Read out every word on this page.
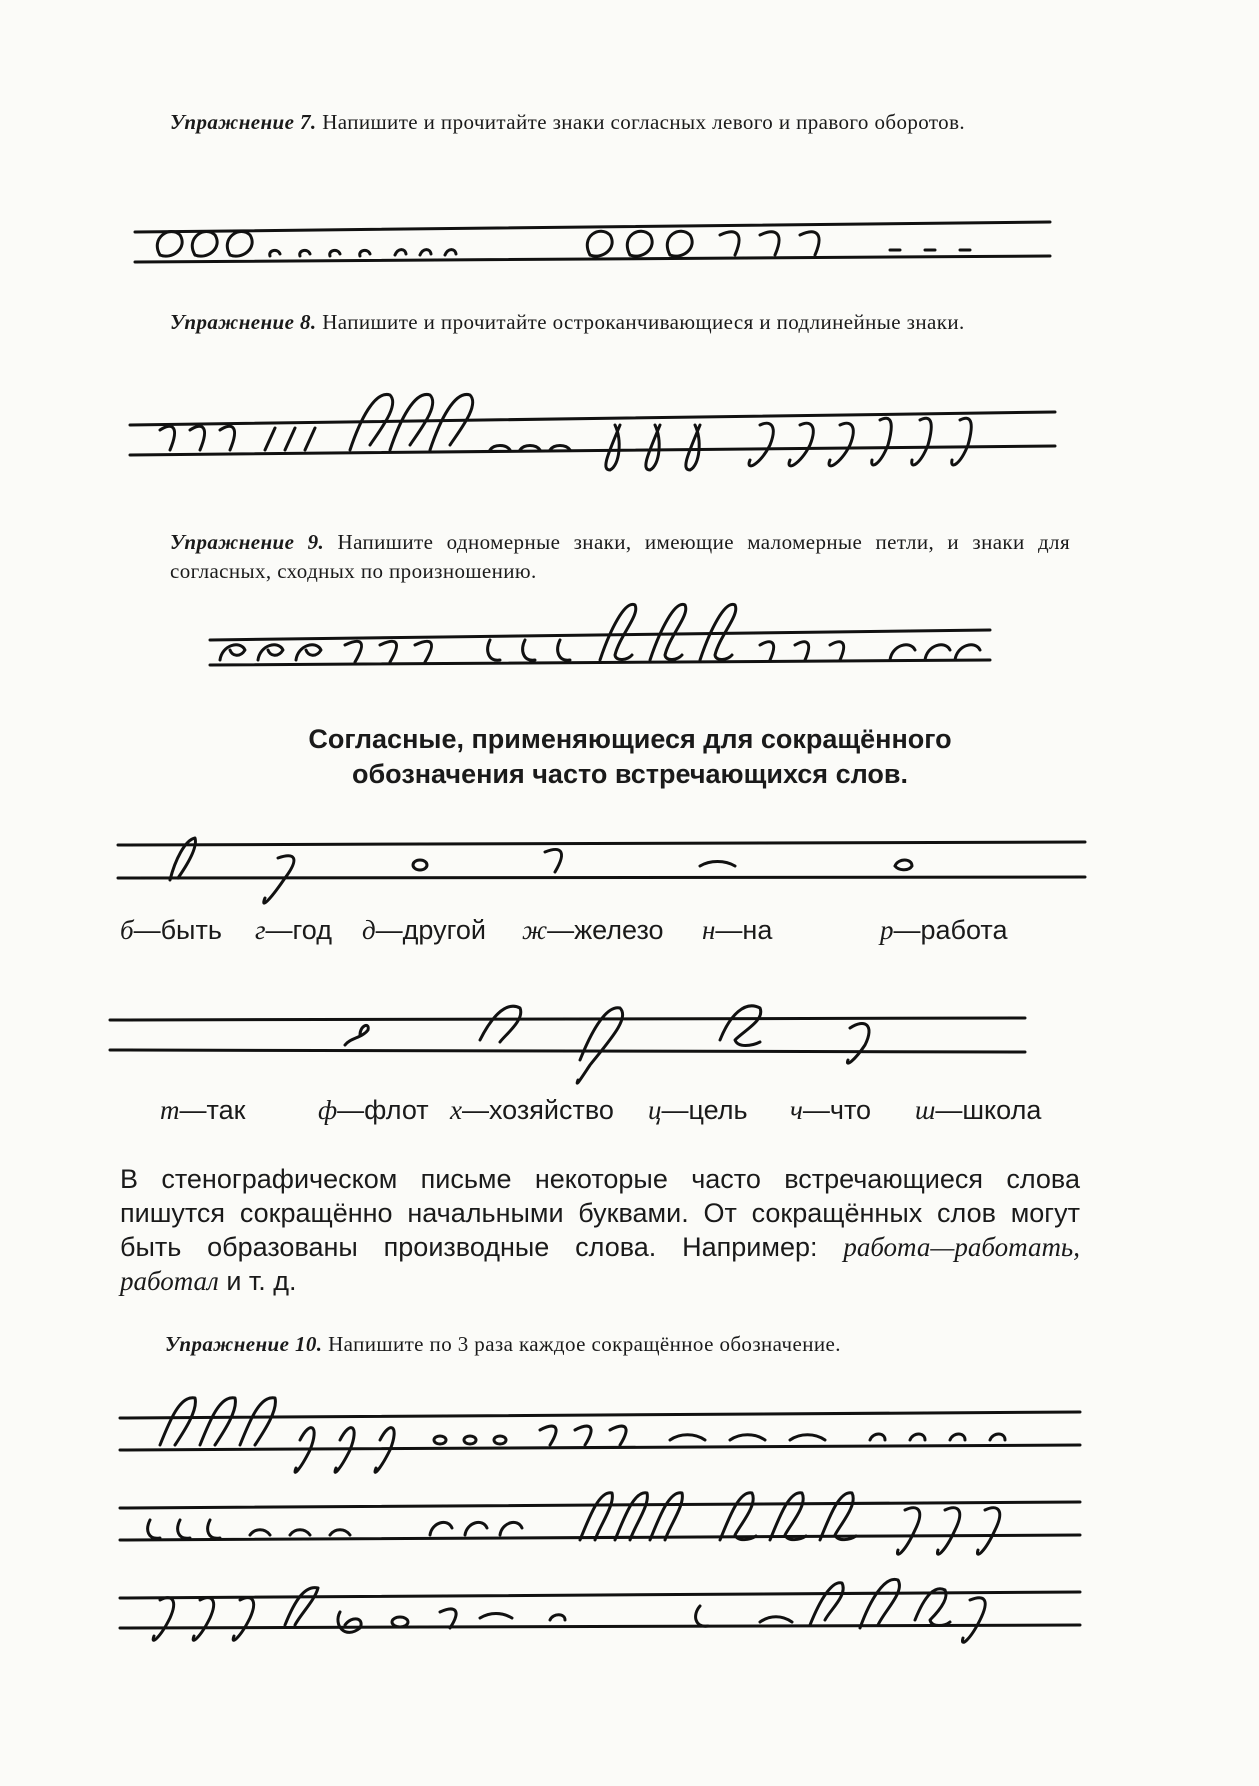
Упражнение 7. Напишите и прочитайте знаки согласных левого и правого оборотов.
Упражнение 8. Напишите и прочитайте остроканчивающиеся и подлинейные знаки.
Упражнение 9. Напишите одномерные знаки, имеющие маломерные петли, и знаки для согласных, сходных по произношению.
Согласные, применяющиеся для сокращённого
обозначения часто встречающихся слов.
б—быть г—год д—другой ж—железо н—на	р—работа
т—так	ф—флот х—хозяйство ц—цель ч—что ш—школа
В стенографическом письме некоторые часто встречающиеся слова пишутся сокращённо начальными буквами. От сокращённых слов могут быть образованы производные слова. Например: работа—работать, работал и т. д.
Упражнение 10. Напишите по 3 раза каждое сокращённое обозначение.
